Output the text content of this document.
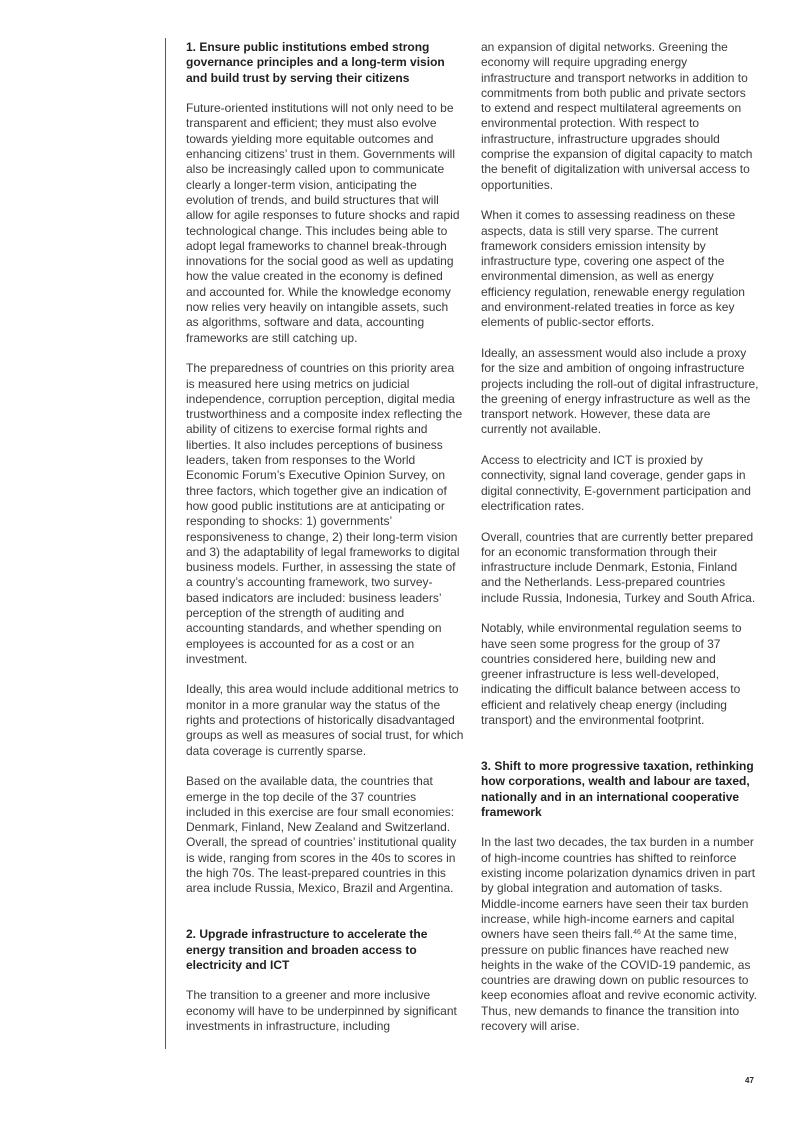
1. Ensure public institutions embed strong governance principles and a long-term vision and build trust by serving their citizens

Future-oriented institutions will not only need to be transparent and efficient; they must also evolve towards yielding more equitable outcomes and enhancing citizens’ trust in them. Governments will also be increasingly called upon to communicate clearly a longer-term vision, anticipating the evolution of trends, and build structures that will allow for agile responses to future shocks and rapid technological change. This includes being able to adopt legal frameworks to channel break-through innovations for the social good as well as updating how the value created in the economy is defined and accounted for. While the knowledge economy now relies very heavily on intangible assets, such as algorithms, software and data, accounting frameworks are still catching up.

The preparedness of countries on this priority area is measured here using metrics on judicial independence, corruption perception, digital media trustworthiness and a composite index reflecting the ability of citizens to exercise formal rights and liberties. It also includes perceptions of business leaders, taken from responses to the World Economic Forum’s Executive Opinion Survey, on three factors, which together give an indication of how good public institutions are at anticipating or responding to shocks: 1) governments’ responsiveness to change, 2) their long-term vision and 3) the adaptability of legal frameworks to digital business models. Further, in assessing the state of a country’s accounting framework, two survey-based indicators are included: business leaders’ perception of the strength of auditing and accounting standards, and whether spending on employees is accounted for as a cost or an investment.

Ideally, this area would include additional metrics to monitor in a more granular way the status of the rights and protections of historically disadvantaged groups as well as measures of social trust, for which data coverage is currently sparse.

Based on the available data, the countries that emerge in the top decile of the 37 countries included in this exercise are four small economies: Denmark, Finland, New Zealand and Switzerland. Overall, the spread of countries’ institutional quality is wide, ranging from scores in the 40s to scores in the high 70s. The least-prepared countries in this area include Russia, Mexico, Brazil and Argentina.

2. Upgrade infrastructure to accelerate the energy transition and broaden access to electricity and ICT

The transition to a greener and more inclusive economy will have to be underpinned by significant investments in infrastructure, including

an expansion of digital networks. Greening the economy will require upgrading energy infrastructure and transport networks in addition to commitments from both public and private sectors to extend and respect multilateral agreements on environmental protection. With respect to infrastructure, infrastructure upgrades should comprise the expansion of digital capacity to match the benefit of digitalization with universal access to opportunities.

When it comes to assessing readiness on these aspects, data is still very sparse. The current framework considers emission intensity by infrastructure type, covering one aspect of the environmental dimension, as well as energy efficiency regulation, renewable energy regulation and environment-related treaties in force as key elements of public-sector efforts.

Ideally, an assessment would also include a proxy for the size and ambition of ongoing infrastructure projects including the roll-out of digital infrastructure, the greening of energy infrastructure as well as the transport network. However, these data are currently not available.

Access to electricity and ICT is proxied by connectivity, signal land coverage, gender gaps in digital connectivity, E-government participation and electrification rates.

Overall, countries that are currently better prepared for an economic transformation through their infrastructure include Denmark, Estonia, Finland and the Netherlands. Less-prepared countries include Russia, Indonesia, Turkey and South Africa.

Notably, while environmental regulation seems to have seen some progress for the group of 37 countries considered here, building new and greener infrastructure is less well-developed, indicating the difficult balance between access to efficient and relatively cheap energy (including transport) and the environmental footprint.

3. Shift to more progressive taxation, rethinking how corporations, wealth and labour are taxed, nationally and in an international cooperative framework

In the last two decades, the tax burden in a number of high-income countries has shifted to reinforce existing income polarization dynamics driven in part by global integration and automation of tasks. Middle-income earners have seen their tax burden increase, while high-income earners and capital owners have seen theirs fall.$^{46}$ At the same time, pressure on public finances have reached new heights in the wake of the COVID-19 pandemic, as countries are drawing down on public resources to keep economies afloat and revive economic activity. Thus, new demands to finance the transition into recovery will arise.

47
